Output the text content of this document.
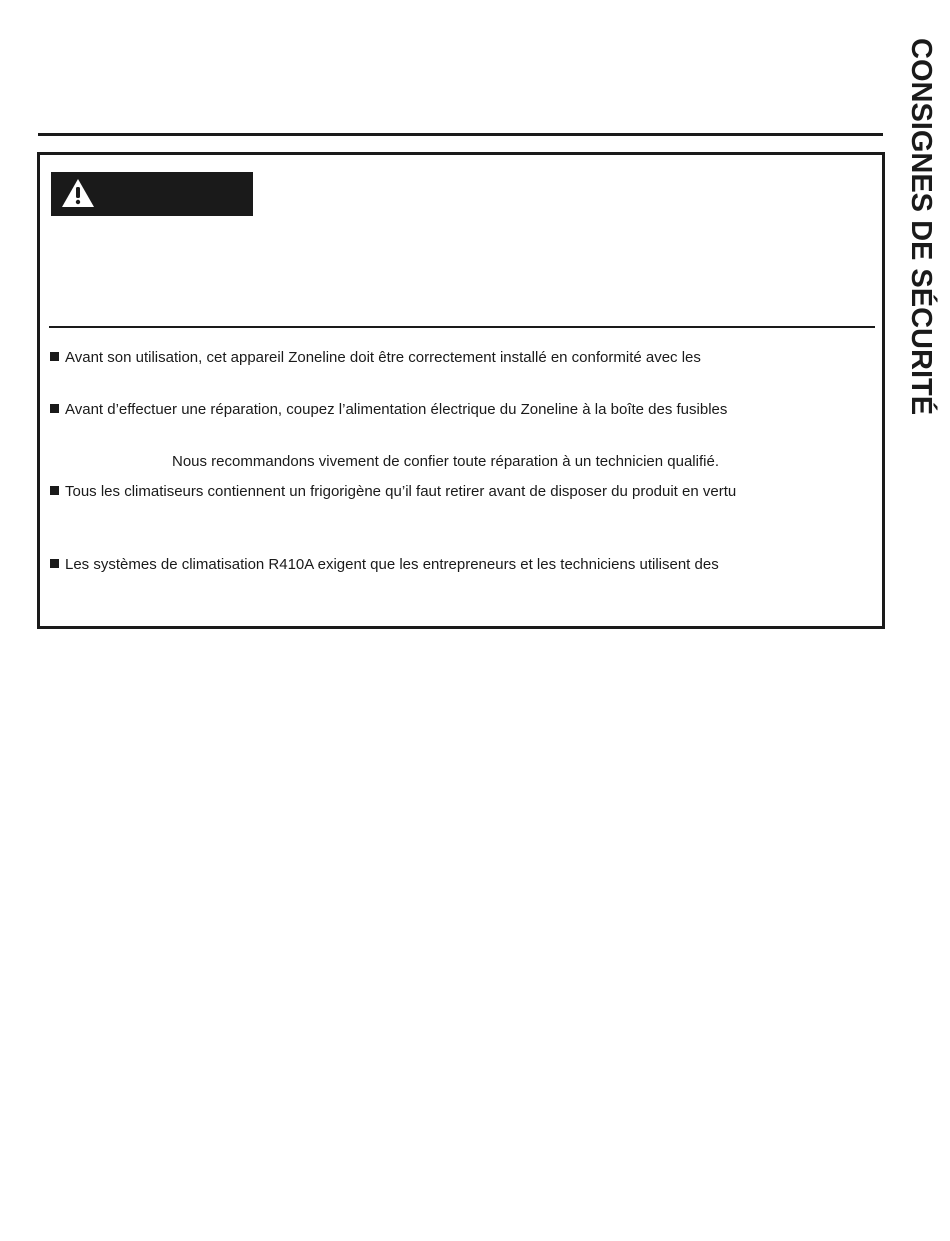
CONSIGNES DE SÉCURITÉ
Avant son utilisation, cet appareil Zoneline doit être correctement installé en conformité avec les
Avant d’effectuer une réparation, coupez l’alimentation électrique du Zoneline à la boîte des fusibles
Nous recommandons vivement de confier toute réparation à un technicien qualifié.
Tous les climatiseurs contiennent un frigorigène qu’il faut retirer avant de disposer du produit en vertu
Les systèmes de climatisation R410A exigent que les entrepreneurs et les techniciens utilisent des
